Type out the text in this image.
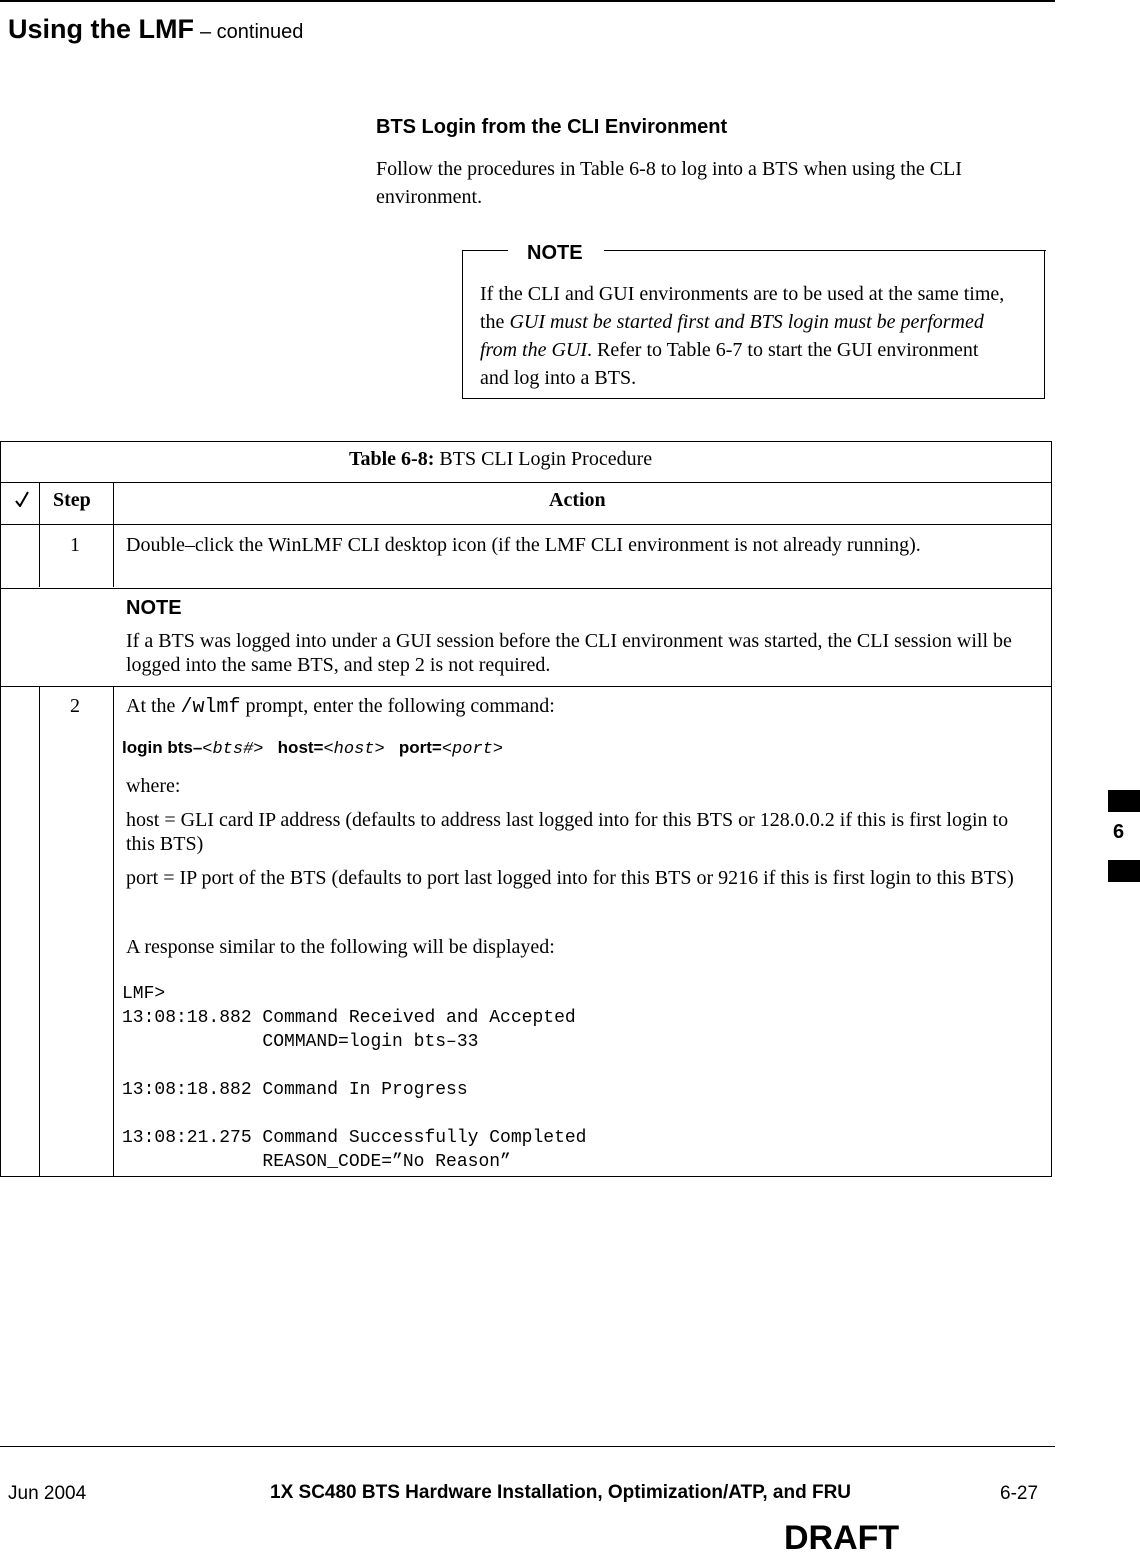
Using the LMF – continued
BTS Login from the CLI Environment
Follow the procedures in Table 6-8 to log into a BTS when using the CLI environment.
NOTE
If the CLI and GUI environments are to be used at the same time, the GUI must be started first and BTS login must be performed from the GUI. Refer to Table 6-7 to start the GUI environment and log into a BTS.
Table 6-8: BTS CLI Login Procedure
Step	Action
1 Double–click the WinLMF CLI desktop icon (if the LMF CLI environment is not already running).
NOTE
If a BTS was logged into under a GUI session before the CLI environment was started, the CLI session will be logged into the same BTS, and step 2 is not required.
2 At the /wlmf prompt, enter the following command:
login bts–<bts#> host=<host> port=<port>
where:
host = GLI card IP address (defaults to address last logged into for this BTS or 128.0.0.2 if this is first login to this BTS)
port = IP port of the BTS (defaults to port last logged into for this BTS or 9216 if this is first login to this BTS)
A response similar to the following will be displayed:
LMF>
13:08:18.882 Command Received and Accepted
COMMAND=login bts–33

13:08:18.882 Command In Progress

13:08:21.275 Command Successfully Completed
REASON_CODE=”No Reason”
6
Jun 2004	1X SC480 BTS Hardware Installation, Optimization/ATP, and FRU	6-27
DRAFT
